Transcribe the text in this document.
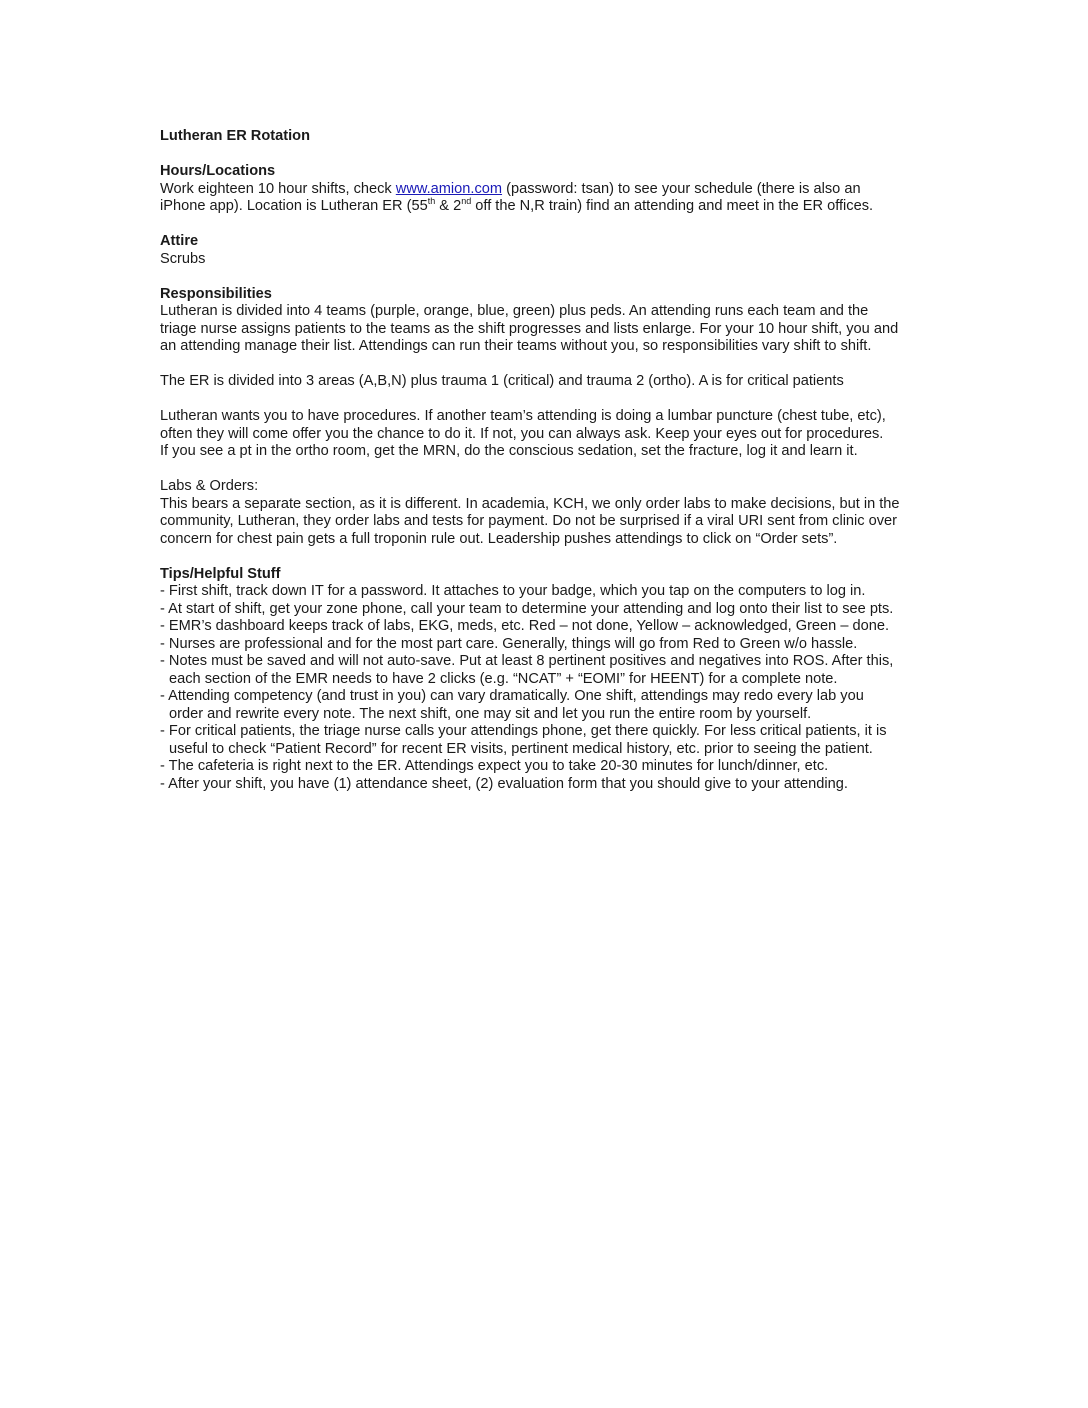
Lutheran ER Rotation

Hours/Locations

Work eighteen 10 hour shifts, check www.amion.com (password: tsan) to see your schedule (there is also an

iPhone app). Location is Lutheran ER (55th & 2nd off the N,R train) find an attending and meet in the ER offices.

Attire

Scrubs

Responsibilities

Lutheran is divided into 4 teams (purple, orange, blue, green) plus peds. An attending runs each team and the

triage nurse assigns patients to the teams as the shift progresses and lists enlarge. For your 10 hour shift, you and

an attending manage their list. Attendings can run their teams without you, so responsibilities vary shift to shift.

The ER is divided into 3 areas (A,B,N) plus trauma 1 (critical) and trauma 2 (ortho). A is for critical patients

Lutheran wants you to have procedures. If another team’s attending is doing a lumbar puncture (chest tube, etc),

often they will come offer you the chance to do it. If not, you can always ask. Keep your eyes out for procedures.

If you see a pt in the ortho room, get the MRN, do the conscious sedation, set the fracture, log it and learn it.

Labs & Orders:

This bears a separate section, as it is different. In academia, KCH, we only order labs to make decisions, but in the

community, Lutheran, they order labs and tests for payment. Do not be surprised if a viral URI sent from clinic over

concern for chest pain gets a full troponin rule out. Leadership pushes attendings to click on “Order sets”.

Tips/Helpful Stuff

- First shift, track down IT for a password. It attaches to your badge, which you tap on the computers to log in.

- At start of shift, get your zone phone, call your team to determine your attending and log onto their list to see pts.

- EMR’s dashboard keeps track of labs, EKG, meds, etc. Red – not done, Yellow – acknowledged, Green – done.

- Nurses are professional and for the most part care. Generally, things will go from Red to Green w/o hassle.

- Notes must be saved and will not auto-save. Put at least 8 pertinent positives and negatives into ROS. After this,

each section of the EMR needs to have 2 clicks (e.g. “NCAT” + “EOMI” for HEENT) for a complete note.

- Attending competency (and trust in you) can vary dramatically. One shift, attendings may redo every lab you

order and rewrite every note. The next shift, one may sit and let you run the entire room by yourself.

- For critical patients, the triage nurse calls your attendings phone, get there quickly. For less critical patients, it is

useful to check “Patient Record” for recent ER visits, pertinent medical history, etc. prior to seeing the patient.

- The cafeteria is right next to the ER. Attendings expect you to take 20-30 minutes for lunch/dinner, etc.

- After your shift, you have (1) attendance sheet, (2) evaluation form that you should give to your attending.
